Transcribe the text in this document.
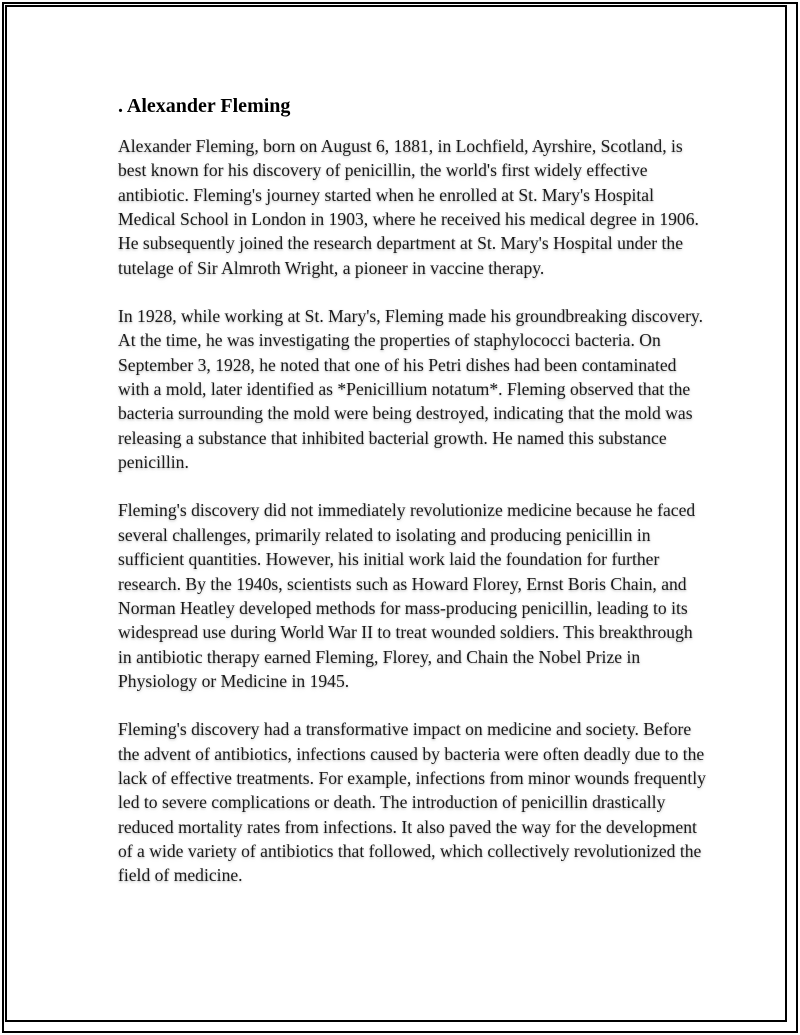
. Alexander Fleming

Alexander Fleming, born on August 6, 1881, in Lochfield, Ayrshire, Scotland, is best known for his discovery of penicillin, the world's first widely effective antibiotic. Fleming's journey started when he enrolled at St. Mary's Hospital Medical School in London in 1903, where he received his medical degree in 1906. He subsequently joined the research department at St. Mary's Hospital under the tutelage of Sir Almroth Wright, a pioneer in vaccine therapy.

In 1928, while working at St. Mary's, Fleming made his groundbreaking discovery. At the time, he was investigating the properties of staphylococci bacteria. On September 3, 1928, he noted that one of his Petri dishes had been contaminated with a mold, later identified as *Penicillium notatum*. Fleming observed that the bacteria surrounding the mold were being destroyed, indicating that the mold was releasing a substance that inhibited bacterial growth. He named this substance penicillin.

Fleming's discovery did not immediately revolutionize medicine because he faced several challenges, primarily related to isolating and producing penicillin in sufficient quantities. However, his initial work laid the foundation for further research. By the 1940s, scientists such as Howard Florey, Ernst Boris Chain, and Norman Heatley developed methods for mass-producing penicillin, leading to its widespread use during World War II to treat wounded soldiers. This breakthrough in antibiotic therapy earned Fleming, Florey, and Chain the Nobel Prize in Physiology or Medicine in 1945.

Fleming's discovery had a transformative impact on medicine and society. Before the advent of antibiotics, infections caused by bacteria were often deadly due to the lack of effective treatments. For example, infections from minor wounds frequently led to severe complications or death. The introduction of penicillin drastically reduced mortality rates from infections. It also paved the way for the development of a wide variety of antibiotics that followed, which collectively revolutionized the field of medicine.
